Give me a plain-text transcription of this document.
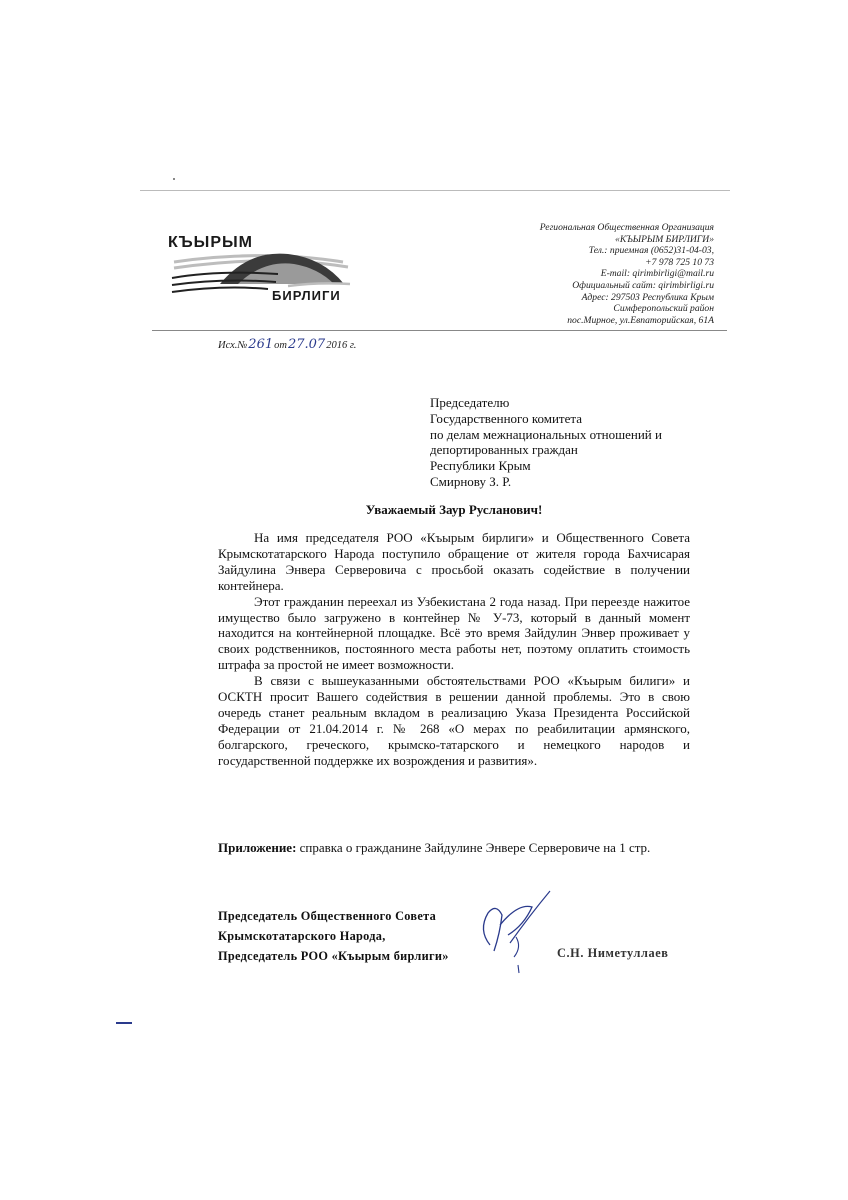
КЪЫРЫМ
БИРЛИГИ
Региональная Общественная Организация
«КЪЫРЫМ БИРЛИГИ»
Тел.: приемная (0652)31-04-03,
+7 978 725 10 73
E-mail: qirimbirligi@mail.ru
Официальный сайт: qirimbirligi.ru
Адрес: 297503 Республика Крым
Симферопольский район
пос.Мирное, ул.Евпаторийская, 61А
Исх.№261от27.072016 г.
Председателю
Государственного комитета
по делам межнациональных отношений и
депортированных граждан
Республики Крым
Смирнову З. Р.
Уважаемый Заур Русланович!

На имя председателя РОО «Къырым бирлиги» и Общественного Совета Крымскотатарского Народа поступило обращение от жителя города Бахчисарая Зайдулина Энвера Серверовича с просьбой оказать содействие в получении контейнера.

Этот гражданин переехал из Узбекистана 2 года назад. При переезде нажитое имущество было загружено в контейнер № У-73, который в данный момент находится на контейнерной площадке. Всё это время Зайдулин Энвер проживает у своих родственников, постоянного места работы нет, поэтому оплатить стоимость штрафа за простой не имеет возможности.

В связи с вышеуказанными обстоятельствами РОО «Къырым билиги» и ОСКТН просит Вашего содействия в решении данной проблемы. Это в свою очередь станет реальным вкладом в реализацию Указа Президента Российской Федерации от 21.04.2014 г. № 268 «О мерах по реабилитации армянского, болгарского, греческого, крымско-татарского и немецкого народов и государственной поддержке их возрождения и развития».

Приложение: справка о гражданине Зайдулине Энвере Серверовиче на 1 стр.
Председатель Общественного Совета
Крымскотатарского Народа,
Председатель РОО «Къырым бирлиги»	С.Н. Ниметуллаев
